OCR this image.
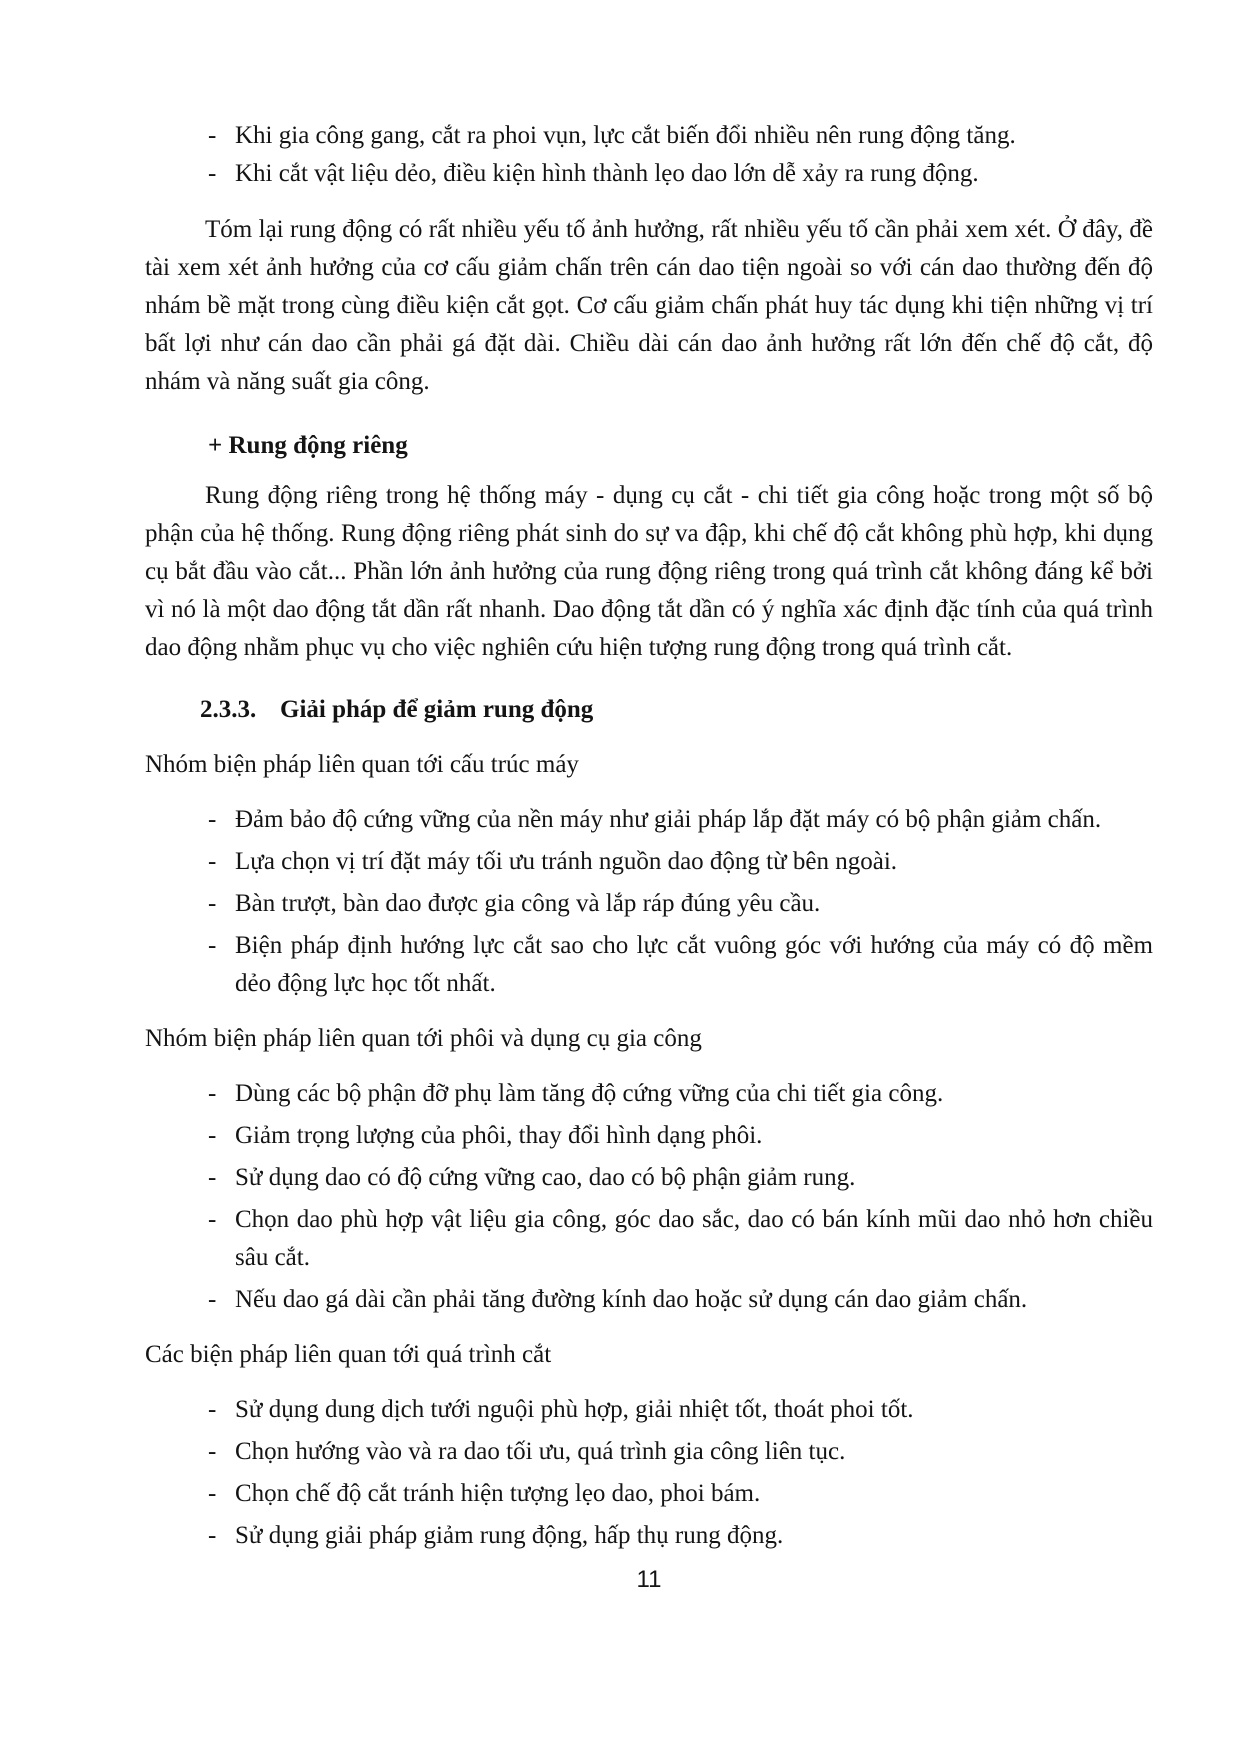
- Khi gia công gang, cắt ra phoi vụn, lực cắt biến đổi nhiều nên rung động tăng.
- Khi cắt vật liệu dẻo, điều kiện hình thành lẹo dao lớn dễ xảy ra rung động.

Tóm lại rung động có rất nhiều yếu tố ảnh hưởng, rất nhiều yếu tố cần phải xem xét. Ở đây, đề tài xem xét ảnh hưởng của cơ cấu giảm chấn trên cán dao tiện ngoài so với cán dao thường đến độ nhám bề mặt trong cùng điều kiện cắt gọt. Cơ cấu giảm chấn phát huy tác dụng khi tiện những vị trí bất lợi như cán dao cần phải gá đặt dài. Chiều dài cán dao ảnh hưởng rất lớn đến chế độ cắt, độ nhám và năng suất gia công.

+ Rung động riêng

Rung động riêng trong hệ thống máy - dụng cụ cắt - chi tiết gia công hoặc trong một số bộ phận của hệ thống. Rung động riêng phát sinh do sự va đập, khi chế độ cắt không phù hợp, khi dụng cụ bắt đầu vào cắt... Phần lớn ảnh hưởng của rung động riêng trong quá trình cắt không đáng kể bởi vì nó là một dao động tắt dần rất nhanh. Dao động tắt dần có ý nghĩa xác định đặc tính của quá trình dao động nhằm phục vụ cho việc nghiên cứu hiện tượng rung động trong quá trình cắt.

2.3.3. Giải pháp để giảm rung động

Nhóm biện pháp liên quan tới cấu trúc máy

- Đảm bảo độ cứng vững của nền máy như giải pháp lắp đặt máy có bộ phận giảm chấn.
- Lựa chọn vị trí đặt máy tối ưu tránh nguồn dao động từ bên ngoài.
- Bàn trượt, bàn dao được gia công và lắp ráp đúng yêu cầu.
- Biện pháp định hướng lực cắt sao cho lực cắt vuông góc với hướng của máy có độ mềm dẻo động lực học tốt nhất.

Nhóm biện pháp liên quan tới phôi và dụng cụ gia công

- Dùng các bộ phận đỡ phụ làm tăng độ cứng vững của chi tiết gia công.
- Giảm trọng lượng của phôi, thay đổi hình dạng phôi.
- Sử dụng dao có độ cứng vững cao, dao có bộ phận giảm rung.
- Chọn dao phù hợp vật liệu gia công, góc dao sắc, dao có bán kính mũi dao nhỏ hơn chiều sâu cắt.
- Nếu dao gá dài cần phải tăng đường kính dao hoặc sử dụng cán dao giảm chấn.

Các biện pháp liên quan tới quá trình cắt

- Sử dụng dung dịch tưới nguội phù hợp, giải nhiệt tốt, thoát phoi tốt.
- Chọn hướng vào và ra dao tối ưu, quá trình gia công liên tục.
- Chọn chế độ cắt tránh hiện tượng lẹo dao, phoi bám.
- Sử dụng giải pháp giảm rung động, hấp thụ rung động.
11
